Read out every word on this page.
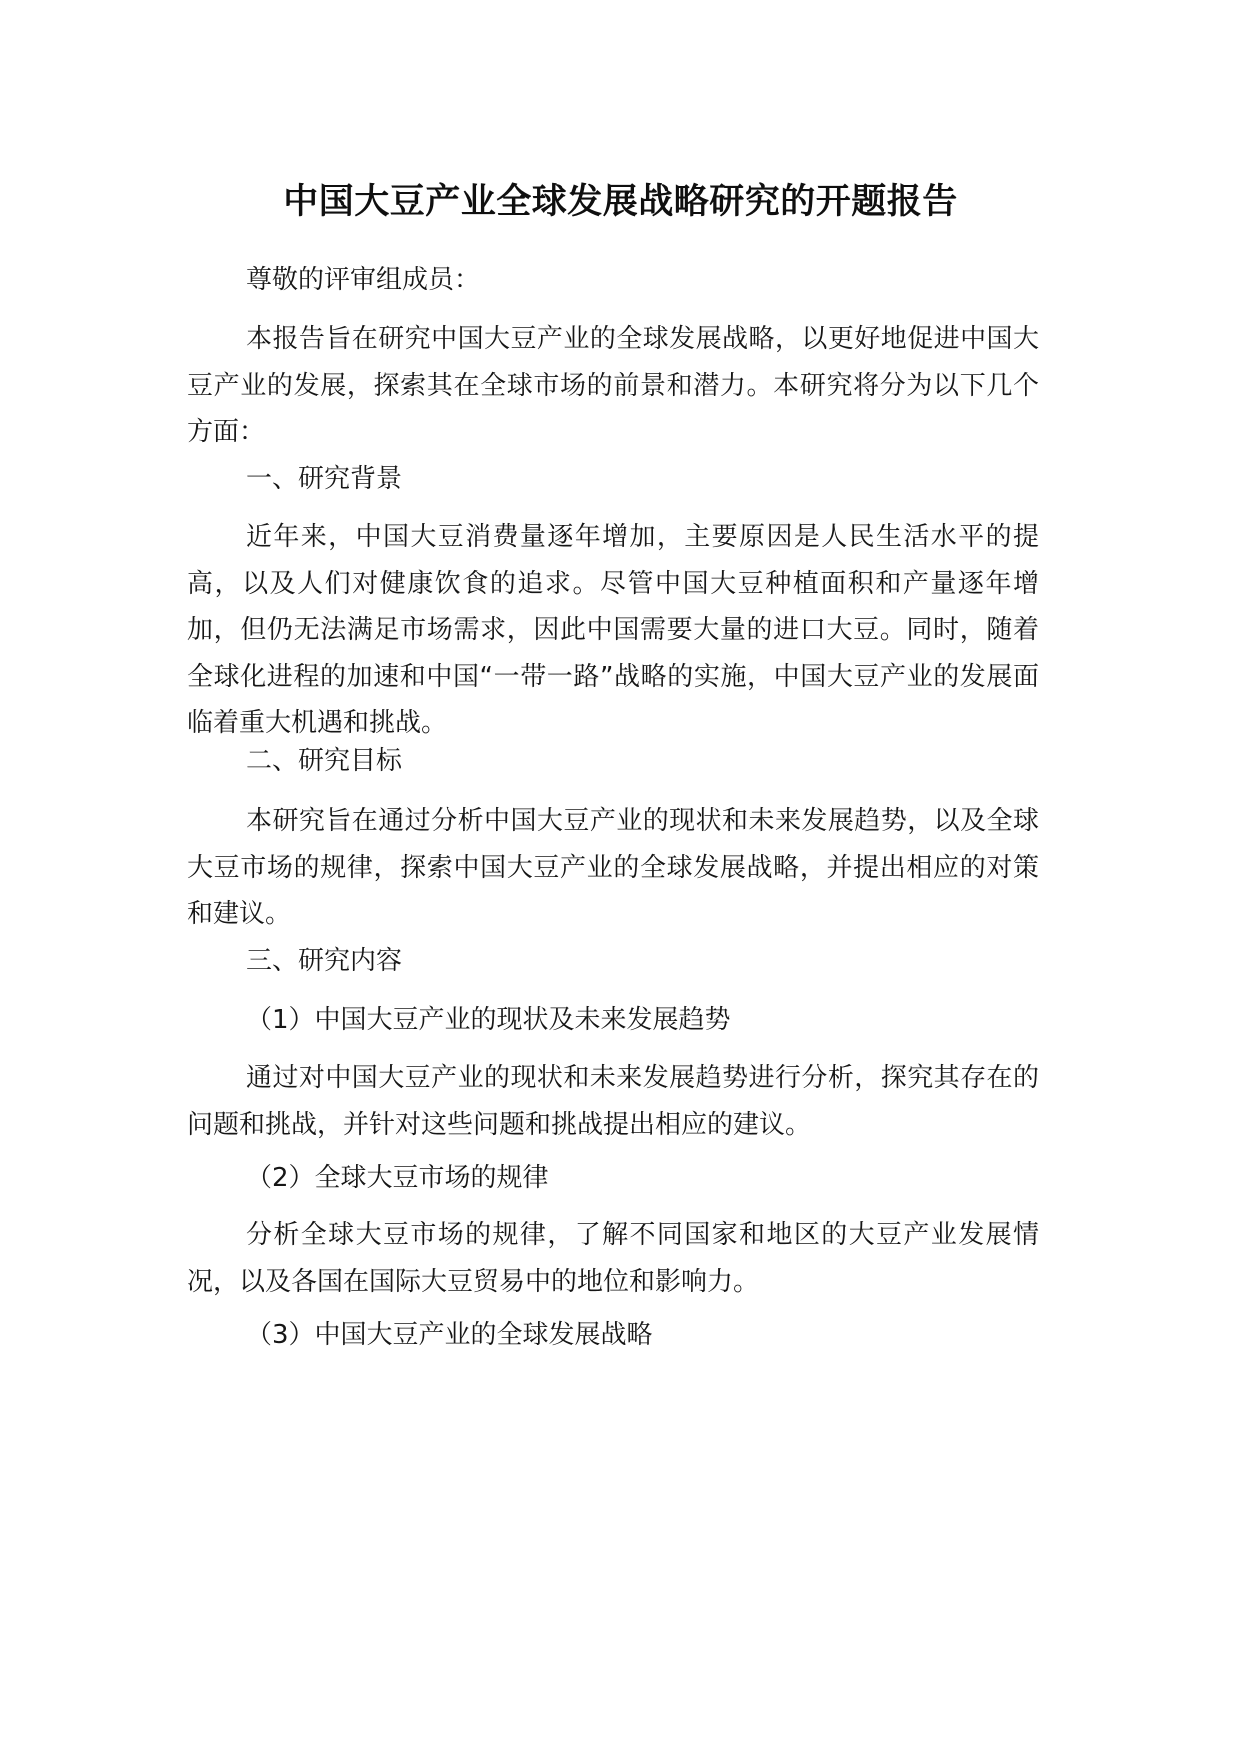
中国大豆产业全球发展战略研究的开题报告
尊敬的评审组成员：
本报告旨在研究中国大豆产业的全球发展战略，以更好地促进中国大豆产业的发展，探索其在全球市场的前景和潜力。本研究将分为以下几个方面：
一、研究背景
近年来，中国大豆消费量逐年增加，主要原因是人民生活水平的提高，以及人们对健康饮食的追求。尽管中国大豆种植面积和产量逐年增加，但仍无法满足市场需求，因此中国需要大量的进口大豆。同时，随着全球化进程的加速和中国“一带一路”战略的实施，中国大豆产业的发展面临着重大机遇和挑战。
二、研究目标
本研究旨在通过分析中国大豆产业的现状和未来发展趋势，以及全球大豆市场的规律，探索中国大豆产业的全球发展战略，并提出相应的对策和建议。
三、研究内容
（1）中国大豆产业的现状及未来发展趋势
通过对中国大豆产业的现状和未来发展趋势进行分析，探究其存在的问题和挑战，并针对这些问题和挑战提出相应的建议。
（2）全球大豆市场的规律
分析全球大豆市场的规律，了解不同国家和地区的大豆产业发展情况，以及各国在国际大豆贸易中的地位和影响力。
（3）中国大豆产业的全球发展战略
